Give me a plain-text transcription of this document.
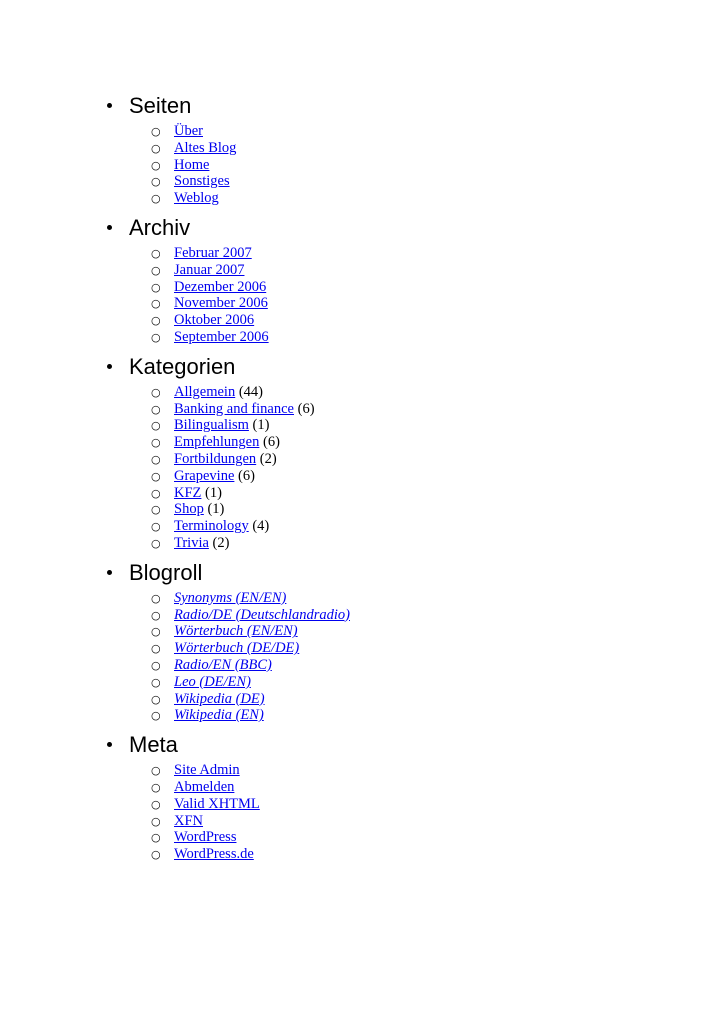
Seiten
○ Über
○ Altes Blog
○ Home
○ Sonstiges
○ Weblog
Archiv
○ Februar 2007
○ Januar 2007
○ Dezember 2006
○ November 2006
○ Oktober 2006
○ September 2006
Kategorien
○ Allgemein (44)
○ Banking and finance (6)
○ Bilingualism (1)
○ Empfehlungen (6)
○ Fortbildungen (2)
○ Grapevine (6)
○ KFZ (1)
○ Shop (1)
○ Terminology (4)
○ Trivia (2)
Blogroll
○ Synonyms (EN/EN)
○ Radio/DE (Deutschlandradio)
○ Wörterbuch (EN/EN)
○ Wörterbuch (DE/DE)
○ Radio/EN (BBC)
○ Leo (DE/EN)
○ Wikipedia (DE)
○ Wikipedia (EN)
Meta
○ Site Admin
○ Abmelden
○ Valid XHTML
○ XFN
○ WordPress
○ WordPress.de
